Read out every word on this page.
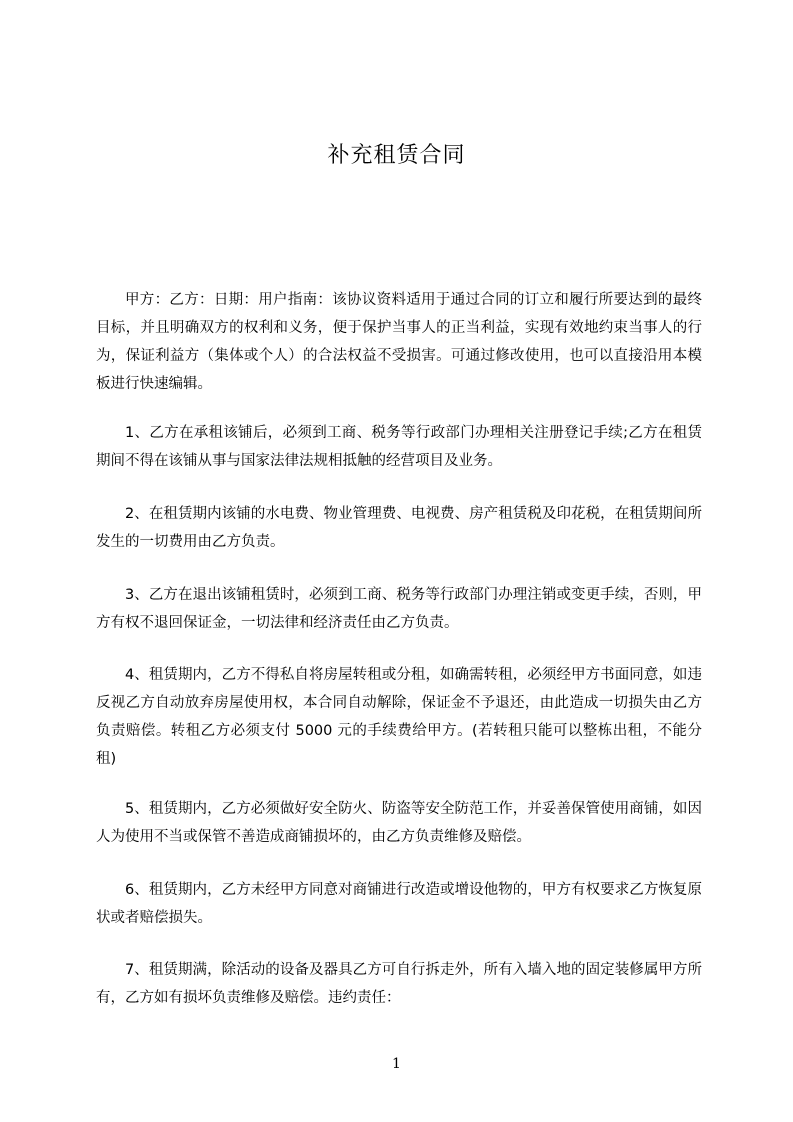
补充租赁合同

甲方：乙方：日期：用户指南：该协议资料适用于通过合同的订立和履行所要达到的最终目标，并且明确双方的权利和义务，便于保护当事人的正当利益，实现有效地约束当事人的行为，保证利益方（集体或个人）的合法权益不受损害。可通过修改使用，也可以直接沿用本模板进行快速编辑。

1、乙方在承租该铺后，必须到工商、税务等行政部门办理相关注册登记手续;乙方在租赁期间不得在该铺从事与国家法律法规相抵触的经营项目及业务。

2、在租赁期内该铺的水电费、物业管理费、电视费、房产租赁税及印花税，在租赁期间所发生的一切费用由乙方负责。

3、乙方在退出该铺租赁时，必须到工商、税务等行政部门办理注销或变更手续，否则，甲方有权不退回保证金，一切法律和经济责任由乙方负责。

4、租赁期内，乙方不得私自将房屋转租或分租，如确需转租，必须经甲方书面同意，如违反视乙方自动放弃房屋使用权，本合同自动解除，保证金不予退还，由此造成一切损失由乙方负责赔偿。转租乙方必须支付 5000 元的手续费给甲方。(若转租只能可以整栋出租，不能分租)

5、租赁期内，乙方必须做好安全防火、防盗等安全防范工作，并妥善保管使用商铺，如因人为使用不当或保管不善造成商铺损坏的，由乙方负责维修及赔偿。

6、租赁期内，乙方未经甲方同意对商铺进行改造或增设他物的，甲方有权要求乙方恢复原状或者赔偿损失。

7、租赁期满，除活动的设备及器具乙方可自行拆走外，所有入墙入地的固定装修属甲方所有，乙方如有损坏负责维修及赔偿。违约责任：

1
